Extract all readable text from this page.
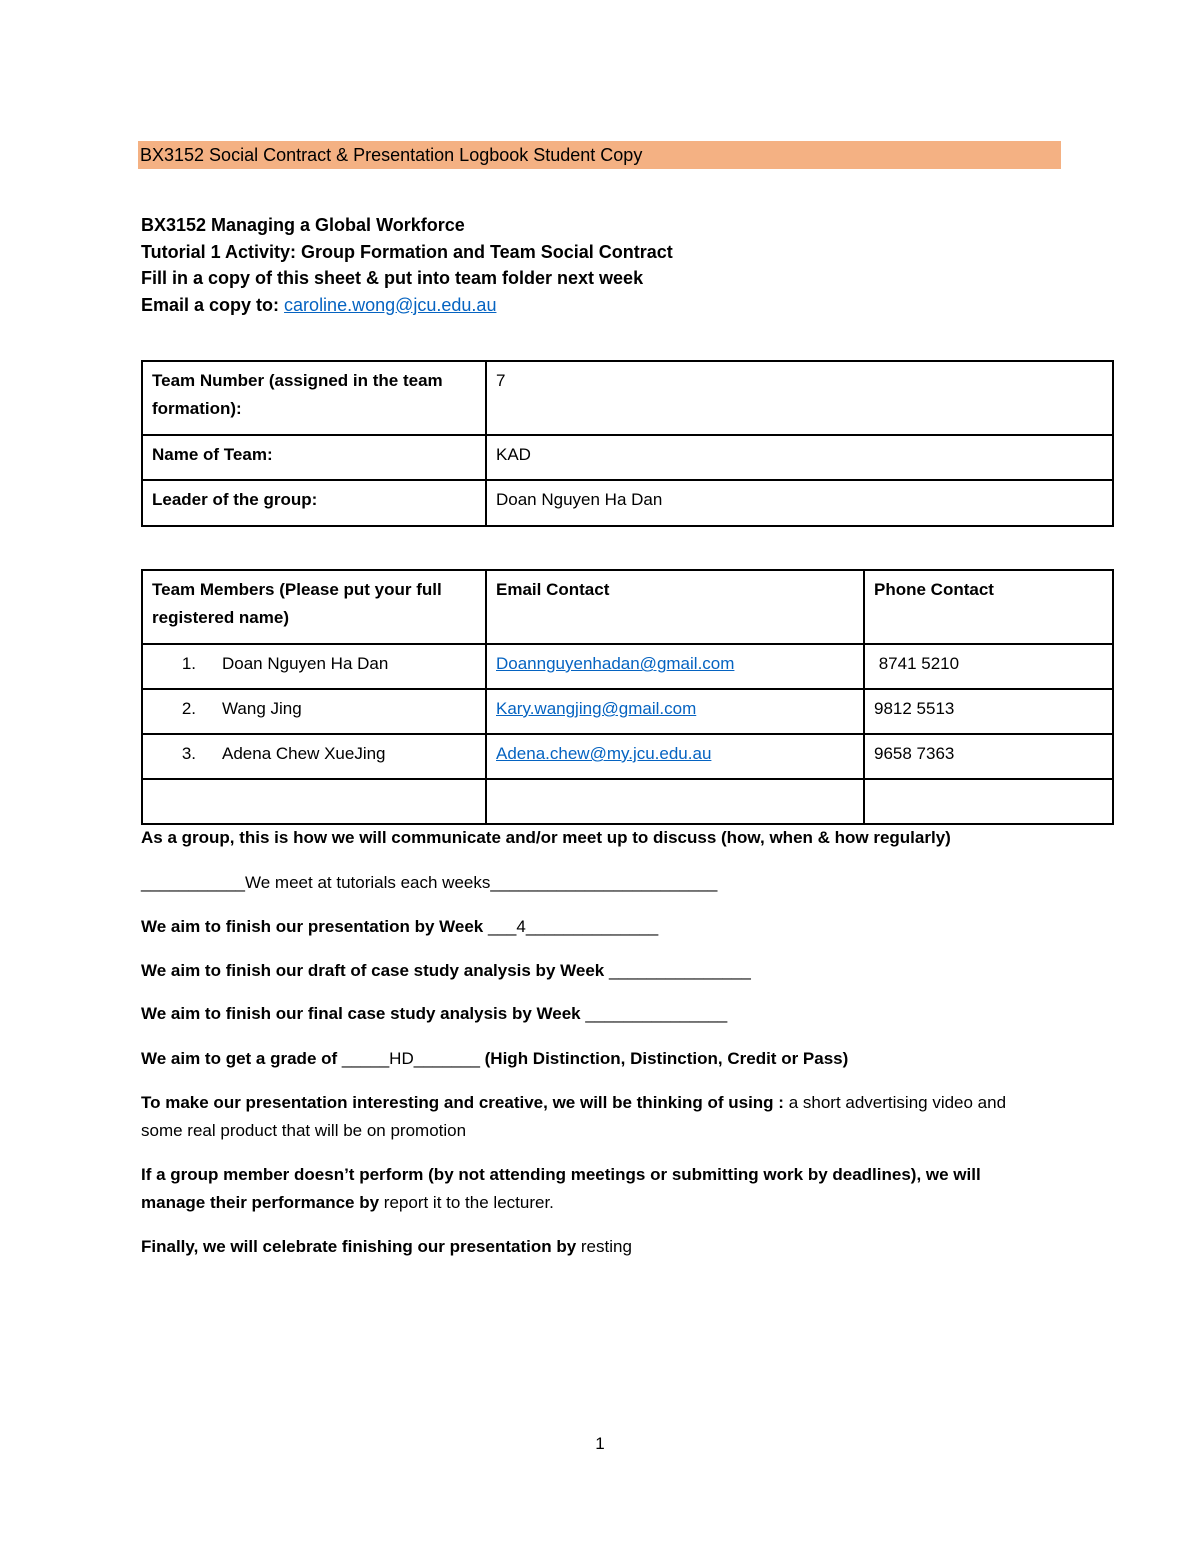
BX3152 Social Contract & Presentation Logbook Student Copy
BX3152 Managing a Global Workforce
Tutorial 1 Activity: Group Formation and Team Social Contract
Fill in a copy of this sheet & put into team folder next week
Email a copy to: caroline.wong@jcu.edu.au
Team Number (assigned in the team formation):	7
Name of Team:	KAD
Leader of the group:	Doan Nguyen Ha Dan
Team Members (Please put your full registered name)	Email Contact	Phone Contact
1. Doan Nguyen Ha Dan	Doannguyenhadan@gmail.com	8741 5210
2. Wang Jing	Kary.wangjing@gmail.com	9812 5513
3. Adena Chew XueJing	Adena.chew@my.jcu.edu.au	9658 7363

As a group, this is how we will communicate and/or meet up to discuss (how, when & how regularly)
___________We meet at tutorials each weeks________________________
We aim to finish our presentation by Week ___4______________
We aim to finish our draft of case study analysis by Week _______________
We aim to finish our final case study analysis by Week _______________
We aim to get a grade of _____HD_______ (High Distinction, Distinction, Credit or Pass)
To make our presentation interesting and creative, we will be thinking of using : a short advertising video and some real product that will be on promotion
If a group member doesn’t perform (by not attending meetings or submitting work by deadlines), we will manage their performance by report it to the lecturer.
Finally, we will celebrate finishing our presentation by resting
1
